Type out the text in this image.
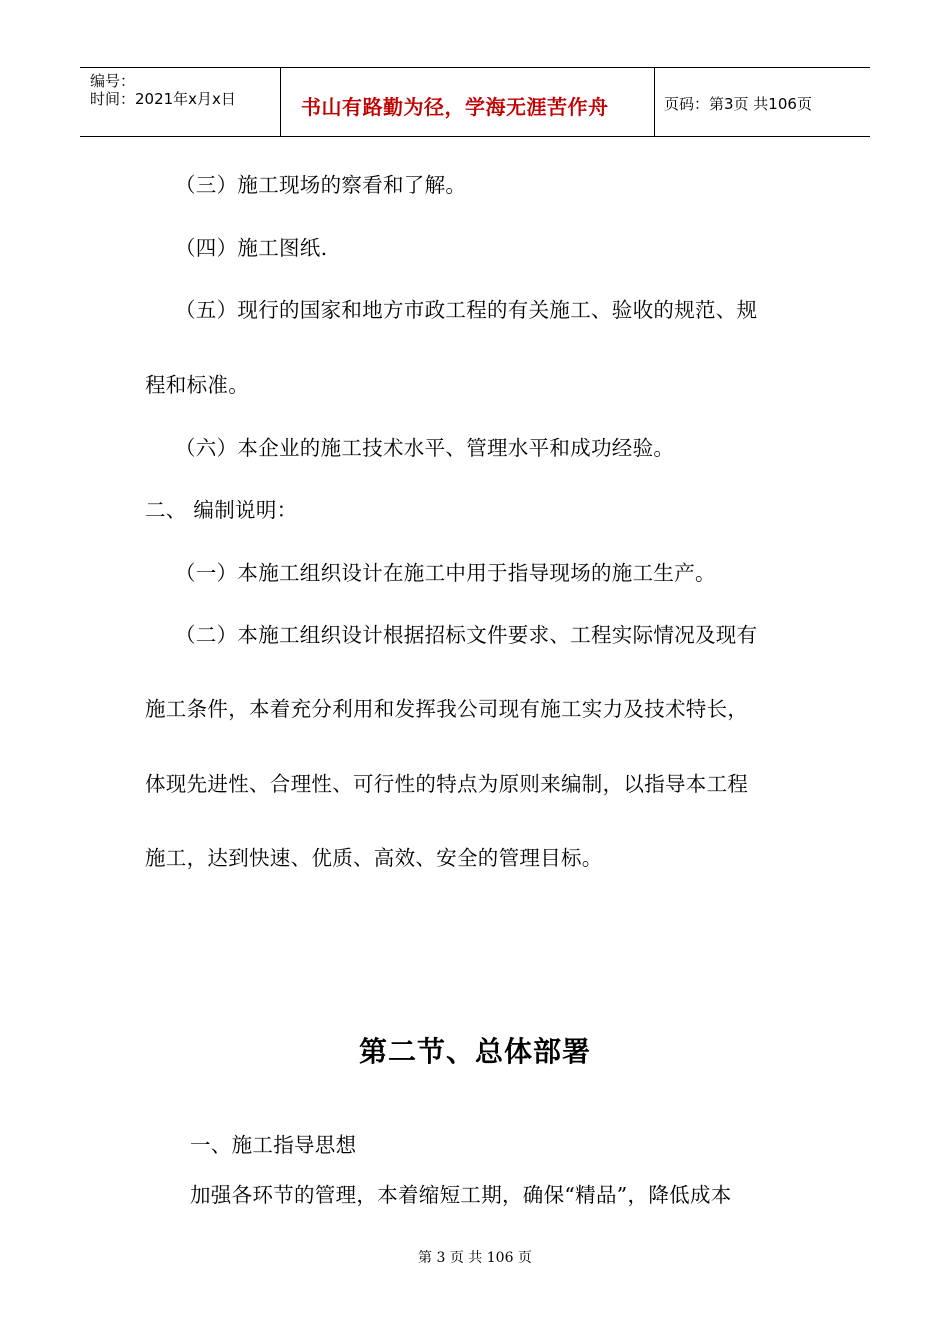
编号：
时间：2021年x月x日	书山有路勤为径，学海无涯苦作舟	页码：第3页 共106页
（三）施工现场的察看和了解。
（四）施工图纸.
（五）现行的国家和地方市政工程的有关施工、验收的规范、规
程和标准。
（六）本企业的施工技术水平、管理水平和成功经验。
二、 编制说明：
（一）本施工组织设计在施工中用于指导现场的施工生产。
（二）本施工组织设计根据招标文件要求、工程实际情况及现有
施工条件，本着充分利用和发挥我公司现有施工实力及技术特长，
体现先进性、合理性、可行性的特点为原则来编制，以指导本工程
施工，达到快速、优质、高效、安全的管理目标。
第二节、总体部署
一、施工指导思想
加强各环节的管理，本着缩短工期，确保“精品”，降低成本
第 3 页 共 106 页
